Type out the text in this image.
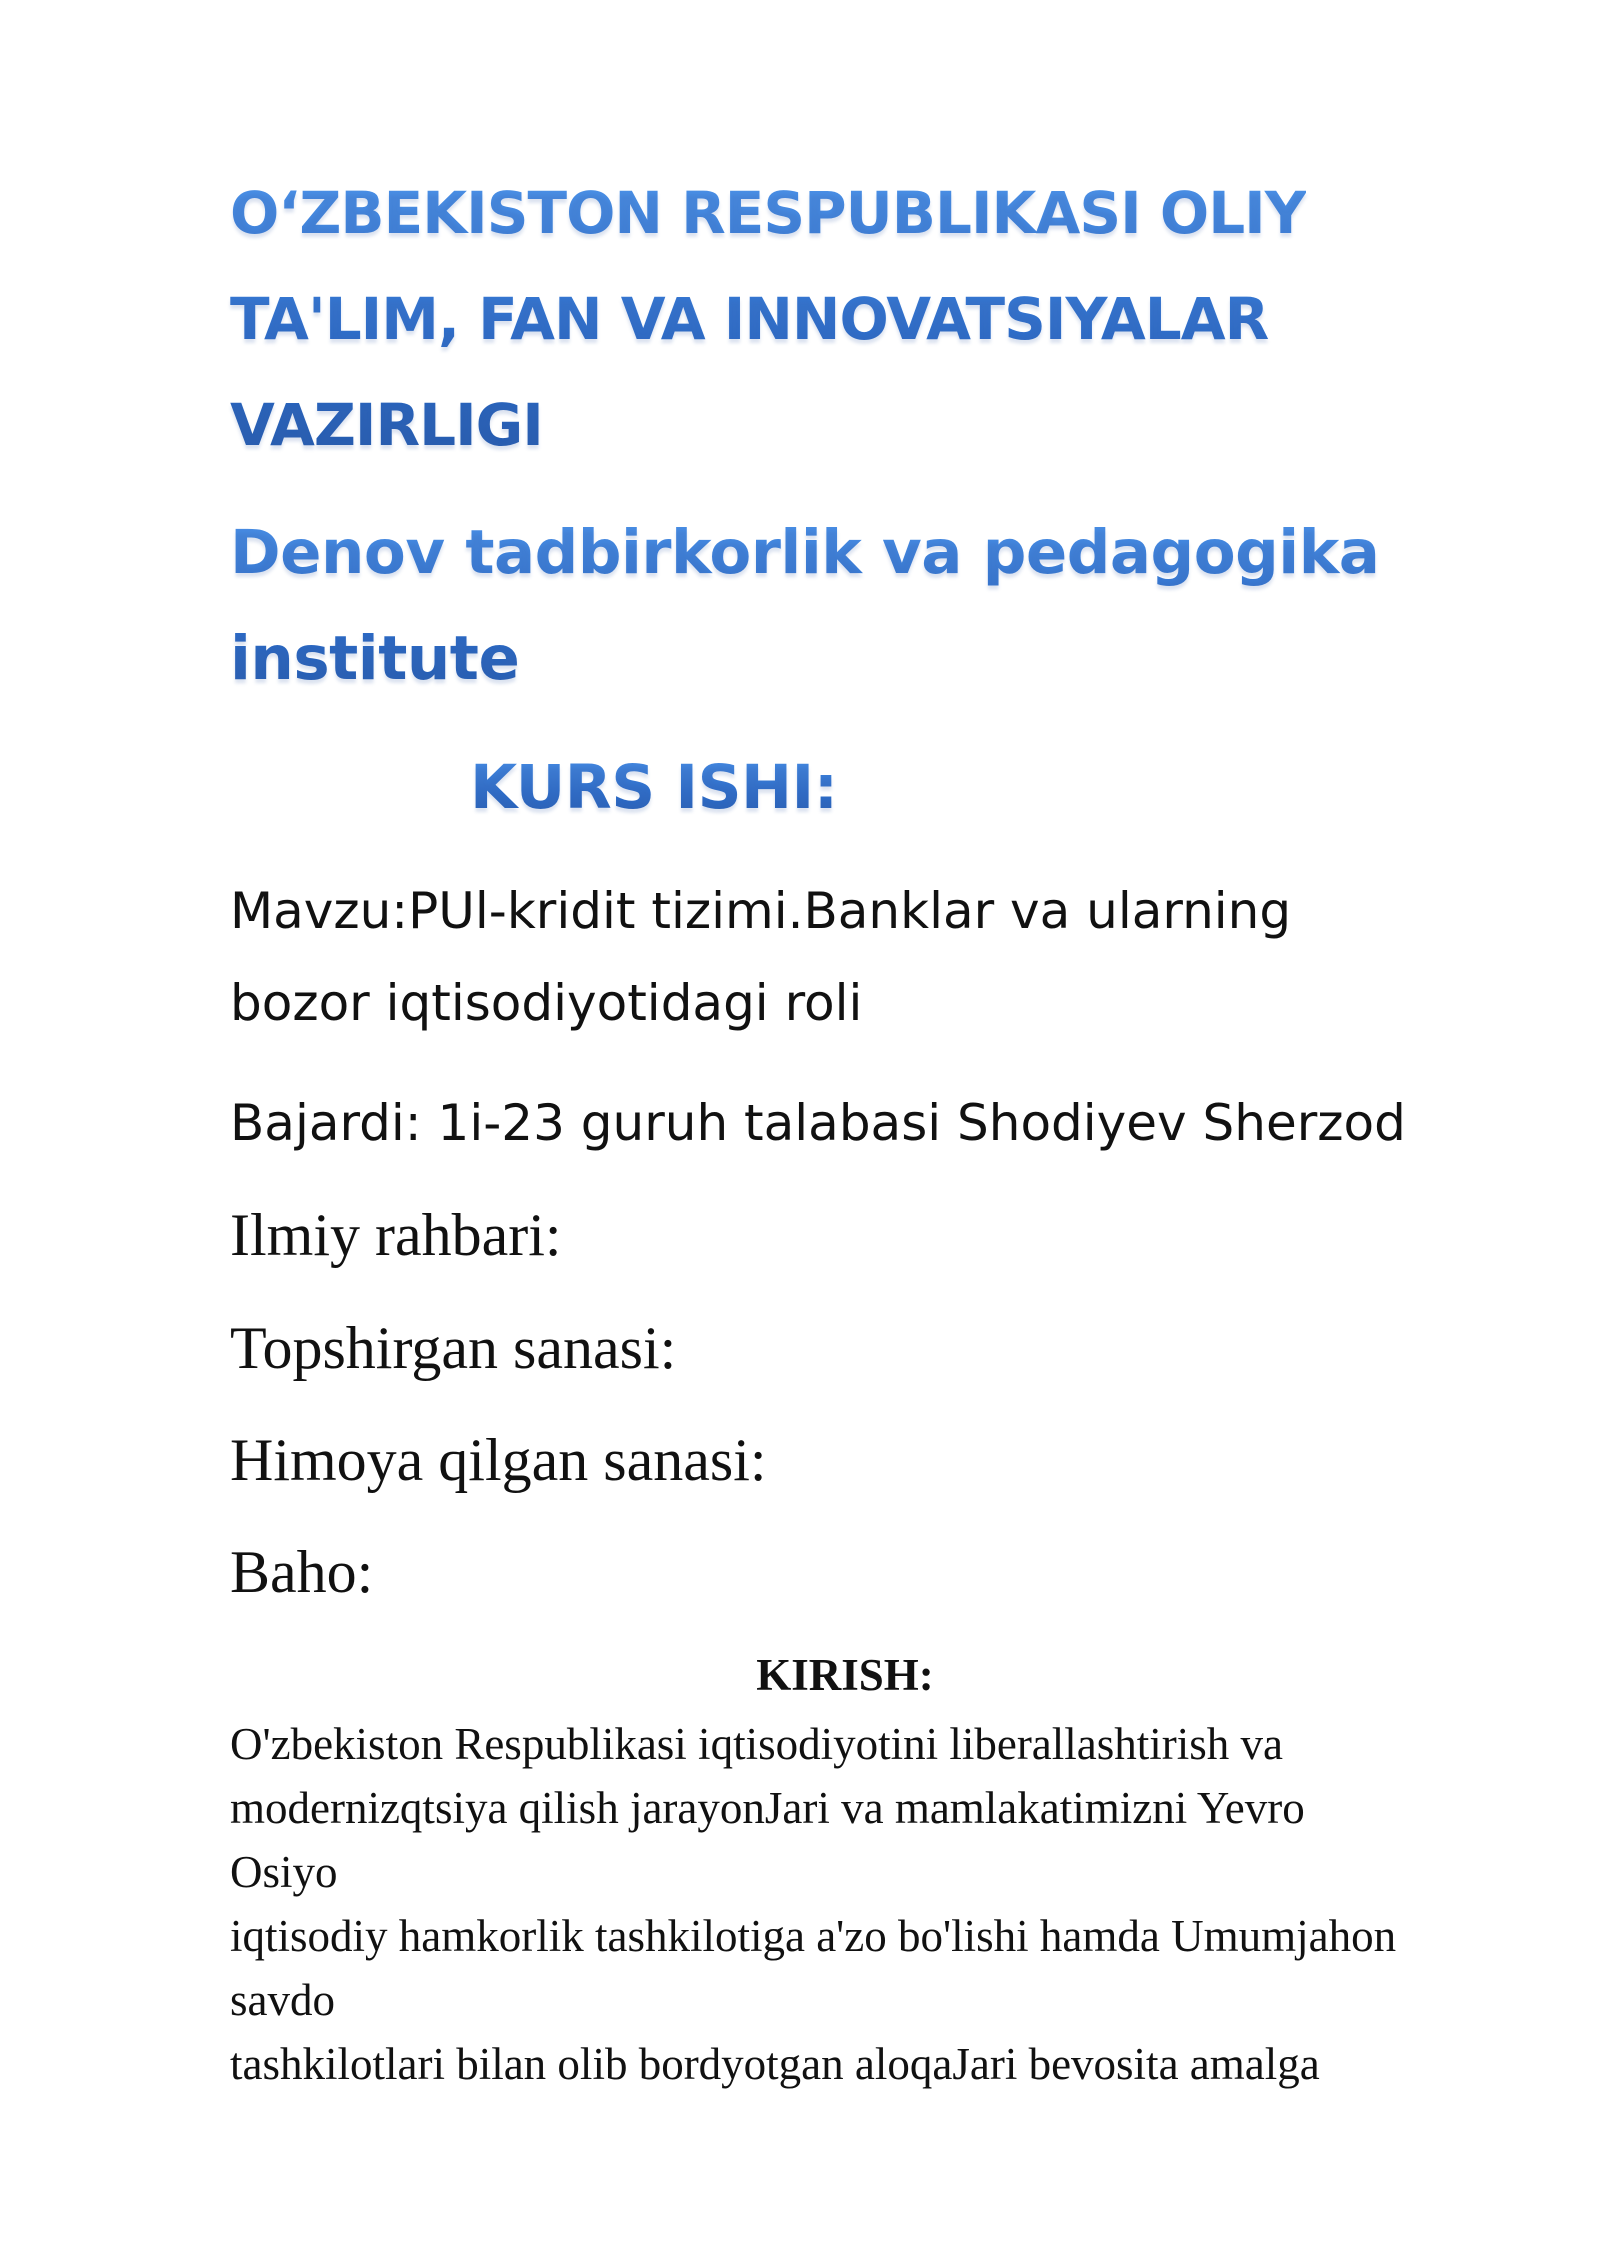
O‘ZBEKISTON RESPUBLIKASI OLIY
TA'LIM, FAN VA INNOVATSIYALAR
VAZIRLIGI
Denov tadbirkorlik va pedagogika
institute
KURS ISHI:

Mavzu:PUl-kridit tizimi.Banklar va ularning
bozor iqtisodiyotidagi roli

Bajardi: 1i-23 guruh talabasi Shodiyev Sherzod

Ilmiy rahbari:

Topshirgan sanasi:

Himoya qilgan sanasi:

Baho:

KIRISH:

O'zbekiston Respublikasi iqtisodiyotini liberallashtirish va
modernizqtsiya qilish jarayonJari va mamlakatimizni Yevro
Osiyo
iqtisodiy hamkorlik tashkilotiga a'zo bo'lishi hamda Umumjahon
savdo
tashkilotlari bilan olib bordyotgan aloqaJari bevosita amalga
